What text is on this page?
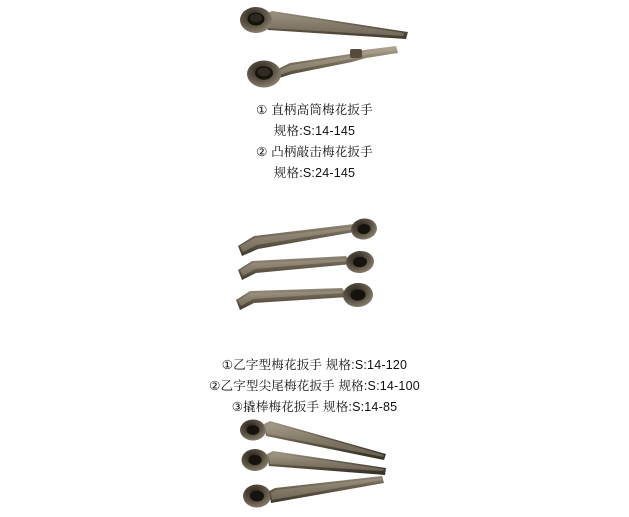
① 直柄高筒梅花扳手
规格:S:14-145
② 凸柄敲击梅花扳手
规格:S:24-145
①乙字型梅花扳手 规格:S:14-120
②乙字型尖尾梅花扳手 规格:S:14-100
③撬棒梅花扳手 规格:S:14-85
